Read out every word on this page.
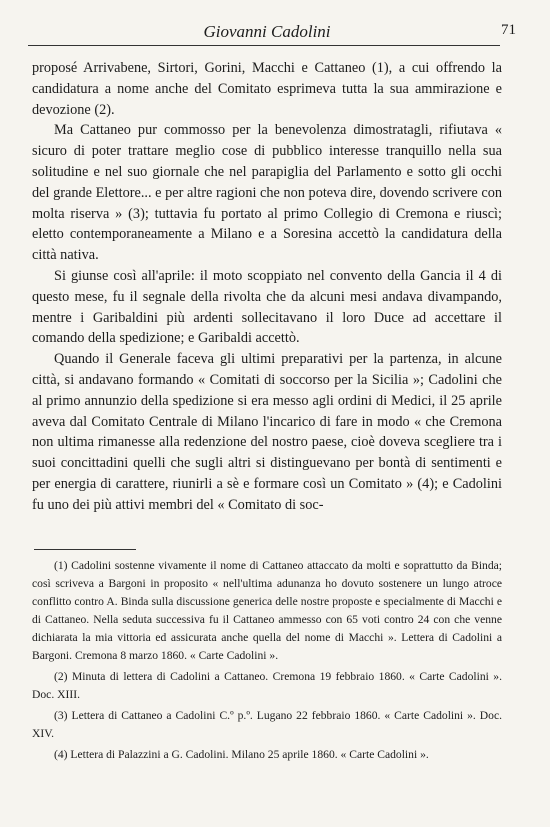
Giovanni Cadolini	71

proposé Arrivabene, Sirtori, Gorini, Macchi e Cattaneo (1), a cui offrendo la candidatura a nome anche del Comitato esprimeva tutta la sua ammirazione e devozione (2).

Ma Cattaneo pur commosso per la benevolenza dimostratagli, rifiutava « sicuro di poter trattare meglio cose di pubblico interesse tranquillo nella sua solitudine e nel suo giornale che nel parapiglia del Parlamento e sotto gli occhi del grande Elettore... e per altre ragioni che non poteva dire, dovendo scrivere con molta riserva » (3); tuttavia fu portato al primo Collegio di Cremona e riuscì; eletto contemporaneamente a Milano e a Soresina accettò la candidatura della città nativa.

Si giunse così all'aprile: il moto scoppiato nel convento della Gancia il 4 di questo mese, fu il segnale della rivolta che da alcuni mesi andava divampando, mentre i Garibaldini più ardenti sollecitavano il loro Duce ad accettare il comando della spedizione; e Garibaldi accettò.

Quando il Generale faceva gli ultimi preparativi per la partenza, in alcune città, si andavano formando « Comitati di soccorso per la Sicilia »; Cadolini che al primo annunzio della spedizione si era messo agli ordini di Medici, il 25 aprile aveva dal Comitato Centrale di Milano l'incarico di fare in modo « che Cremona non ultima rimanesse alla redenzione del nostro paese, cioè doveva scegliere tra i suoi concittadini quelli che sugli altri si distinguevano per bontà di sentimenti e per energia di carattere, riunirli a sè e formare così un Comitato » (4); e Cadolini fu uno dei più attivi membri del « Comitato di soc-

(1) Cadolini sostenne vivamente il nome di Cattaneo attaccato da molti e soprattutto da Binda; così scriveva a Bargoni in proposito « nell'ultima adunanza ho dovuto sostenere un lungo atroce conflitto contro A. Binda sulla discussione generica delle nostre proposte e specialmente di Macchi e di Cattaneo. Nella seduta successiva fu il Cattaneo ammesso con 65 voti contro 24 con che venne dichiarata la mia vittoria ed assicurata anche quella del nome di Macchi ». Lettera di Cadolini a Bargoni. Cremona 8 marzo 1860. « Carte Cadolini ».

(2) Minuta di lettera di Cadolini a Cattaneo. Cremona 19 febbraio 1860. « Carte Cadolini ». Doc. XIII.

(3) Lettera di Cattaneo a Cadolini C.º p.º. Lugano 22 febbraio 1860. « Carte Cadolini ». Doc. XIV.

(4) Lettera di Palazzini a G. Cadolini. Milano 25 aprile 1860. « Carte Cadolini ».
